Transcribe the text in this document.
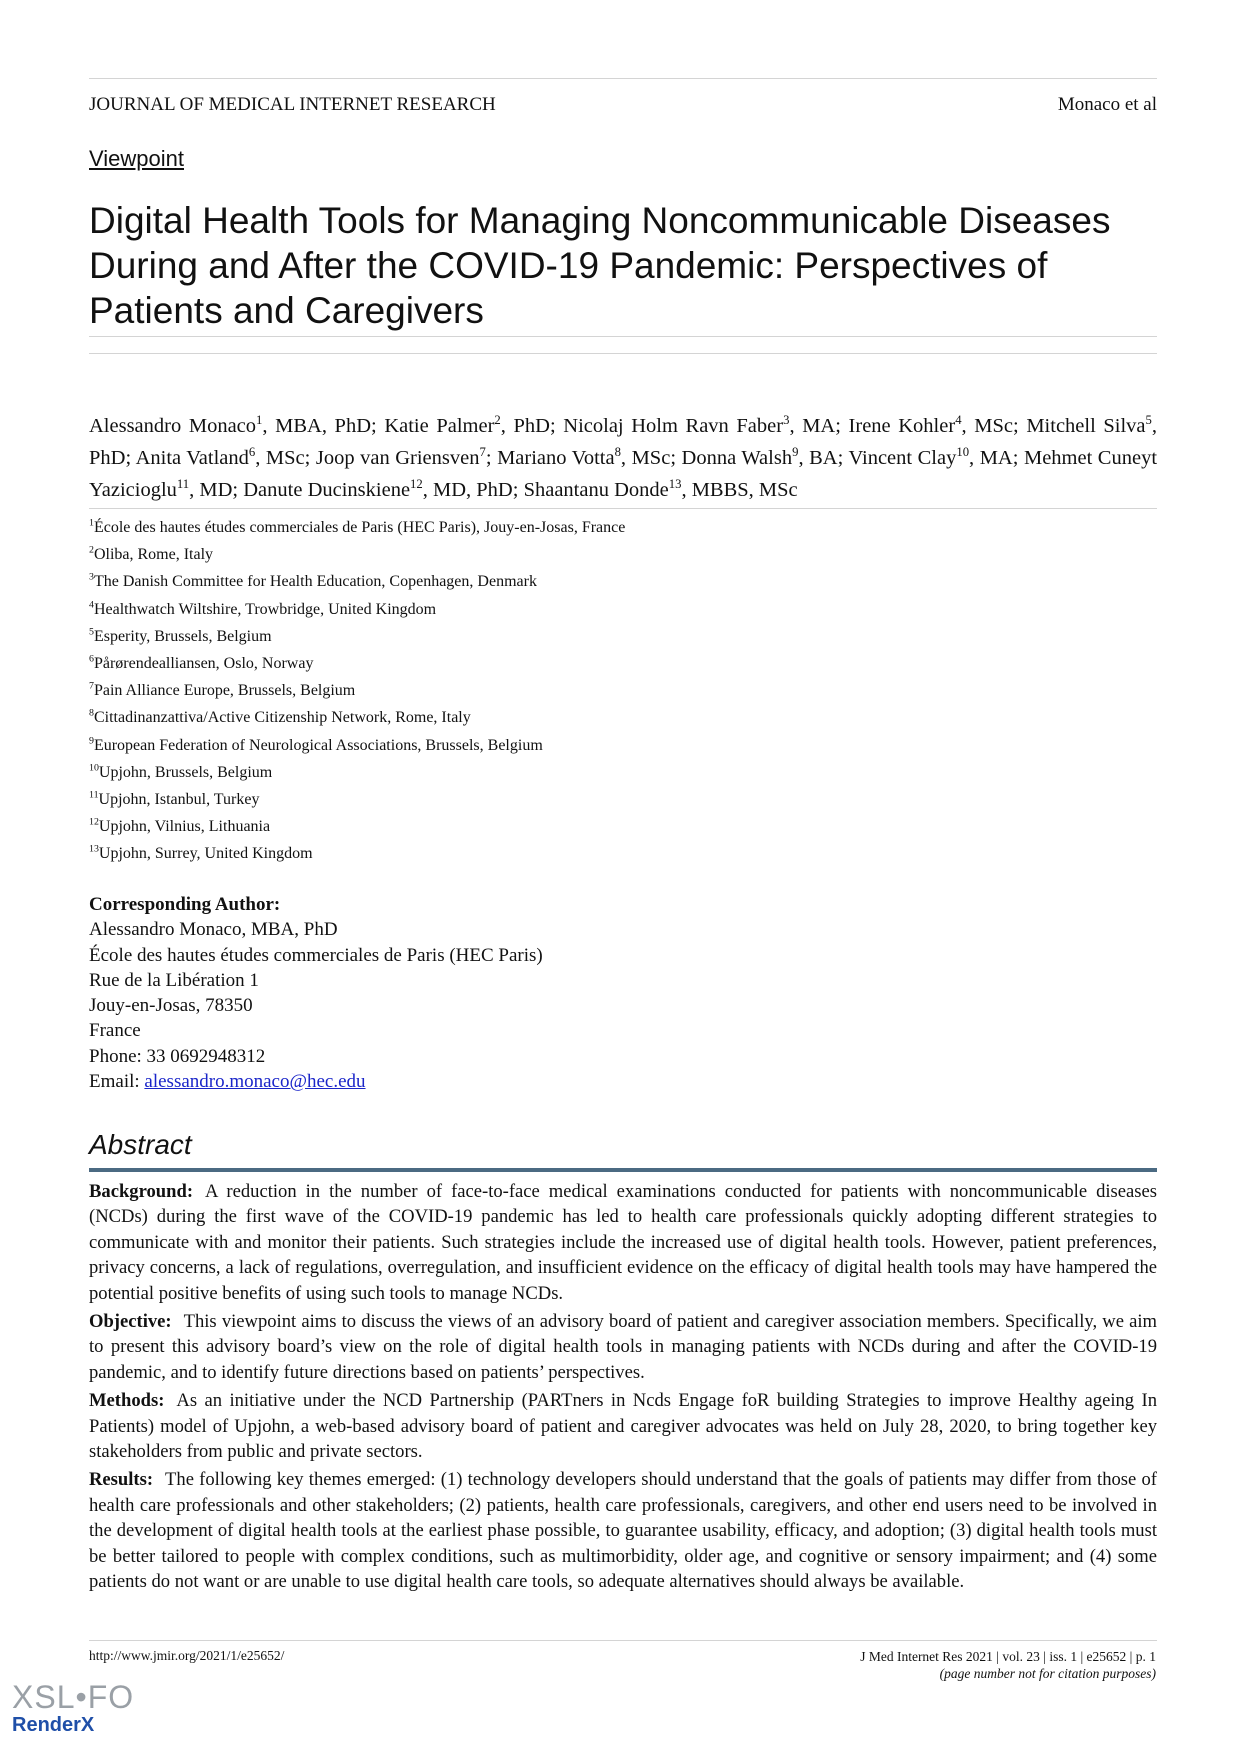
JOURNAL OF MEDICAL INTERNET RESEARCH	Monaco et al
Viewpoint
Digital Health Tools for Managing Noncommunicable Diseases During and After the COVID-19 Pandemic: Perspectives of Patients and Caregivers
Alessandro Monaco$^1$, MBA, PhD; Katie Palmer$^2$, PhD; Nicolaj Holm Ravn Faber$^3$, MA; Irene Kohler$^4$, MSc; Mitchell Silva$^5$, PhD; Anita Vatland$^6$, MSc; Joop van Griensven$^7$; Mariano Votta$^8$, MSc; Donna Walsh$^9$, BA; Vincent Clay$^{10}$, MA; Mehmet Cuneyt Yazicioglu$^{11}$, MD; Danute Ducinskiene$^{12}$, MD, PhD; Shaantanu Donde$^{13}$, MBBS, MSc
$^1$École des hautes études commerciales de Paris (HEC Paris), Jouy-en-Josas, France
$^2$Oliba, Rome, Italy
$^3$The Danish Committee for Health Education, Copenhagen, Denmark
$^4$Healthwatch Wiltshire, Trowbridge, United Kingdom
$^5$Esperity, Brussels, Belgium
$^6$Pårørendealliansen, Oslo, Norway
$^7$Pain Alliance Europe, Brussels, Belgium
$^8$Cittadinanzattiva/Active Citizenship Network, Rome, Italy
$^9$European Federation of Neurological Associations, Brussels, Belgium
$^{10}$Upjohn, Brussels, Belgium
$^{11}$Upjohn, Istanbul, Turkey
$^{12}$Upjohn, Vilnius, Lithuania
$^{13}$Upjohn, Surrey, United Kingdom
Corresponding Author:
Alessandro Monaco, MBA, PhD
École des hautes études commerciales de Paris (HEC Paris)
Rue de la Libération 1
Jouy-en-Josas, 78350
France
Phone: 33 0692948312
Email: alessandro.monaco@hec.edu
Abstract

Background: A reduction in the number of face-to-face medical examinations conducted for patients with noncommunicable diseases (NCDs) during the first wave of the COVID-19 pandemic has led to health care professionals quickly adopting different strategies to communicate with and monitor their patients. Such strategies include the increased use of digital health tools. However, patient preferences, privacy concerns, a lack of regulations, overregulation, and insufficient evidence on the efficacy of digital health tools may have hampered the potential positive benefits of using such tools to manage NCDs.

Objective: This viewpoint aims to discuss the views of an advisory board of patient and caregiver association members. Specifically, we aim to present this advisory board’s view on the role of digital health tools in managing patients with NCDs during and after the COVID-19 pandemic, and to identify future directions based on patients’ perspectives.

Methods: As an initiative under the NCD Partnership (PARTners in Ncds Engage foR building Strategies to improve Healthy ageing In Patients) model of Upjohn, a web-based advisory board of patient and caregiver advocates was held on July 28, 2020, to bring together key stakeholders from public and private sectors.

Results: The following key themes emerged: (1) technology developers should understand that the goals of patients may differ from those of health care professionals and other stakeholders; (2) patients, health care professionals, caregivers, and other end users need to be involved in the development of digital health tools at the earliest phase possible, to guarantee usability, efficacy, and adoption; (3) digital health tools must be better tailored to people with complex conditions, such as multimorbidity, older age, and cognitive or sensory impairment; and (4) some patients do not want or are unable to use digital health care tools, so adequate alternatives should always be available.

http://www.jmir.org/2021/1/e25652/	J Med Internet Res 2021 | vol. 23 | iss. 1 | e25652 | p. 1
(page number not for citation purposes)
XSL•FO
RenderX
